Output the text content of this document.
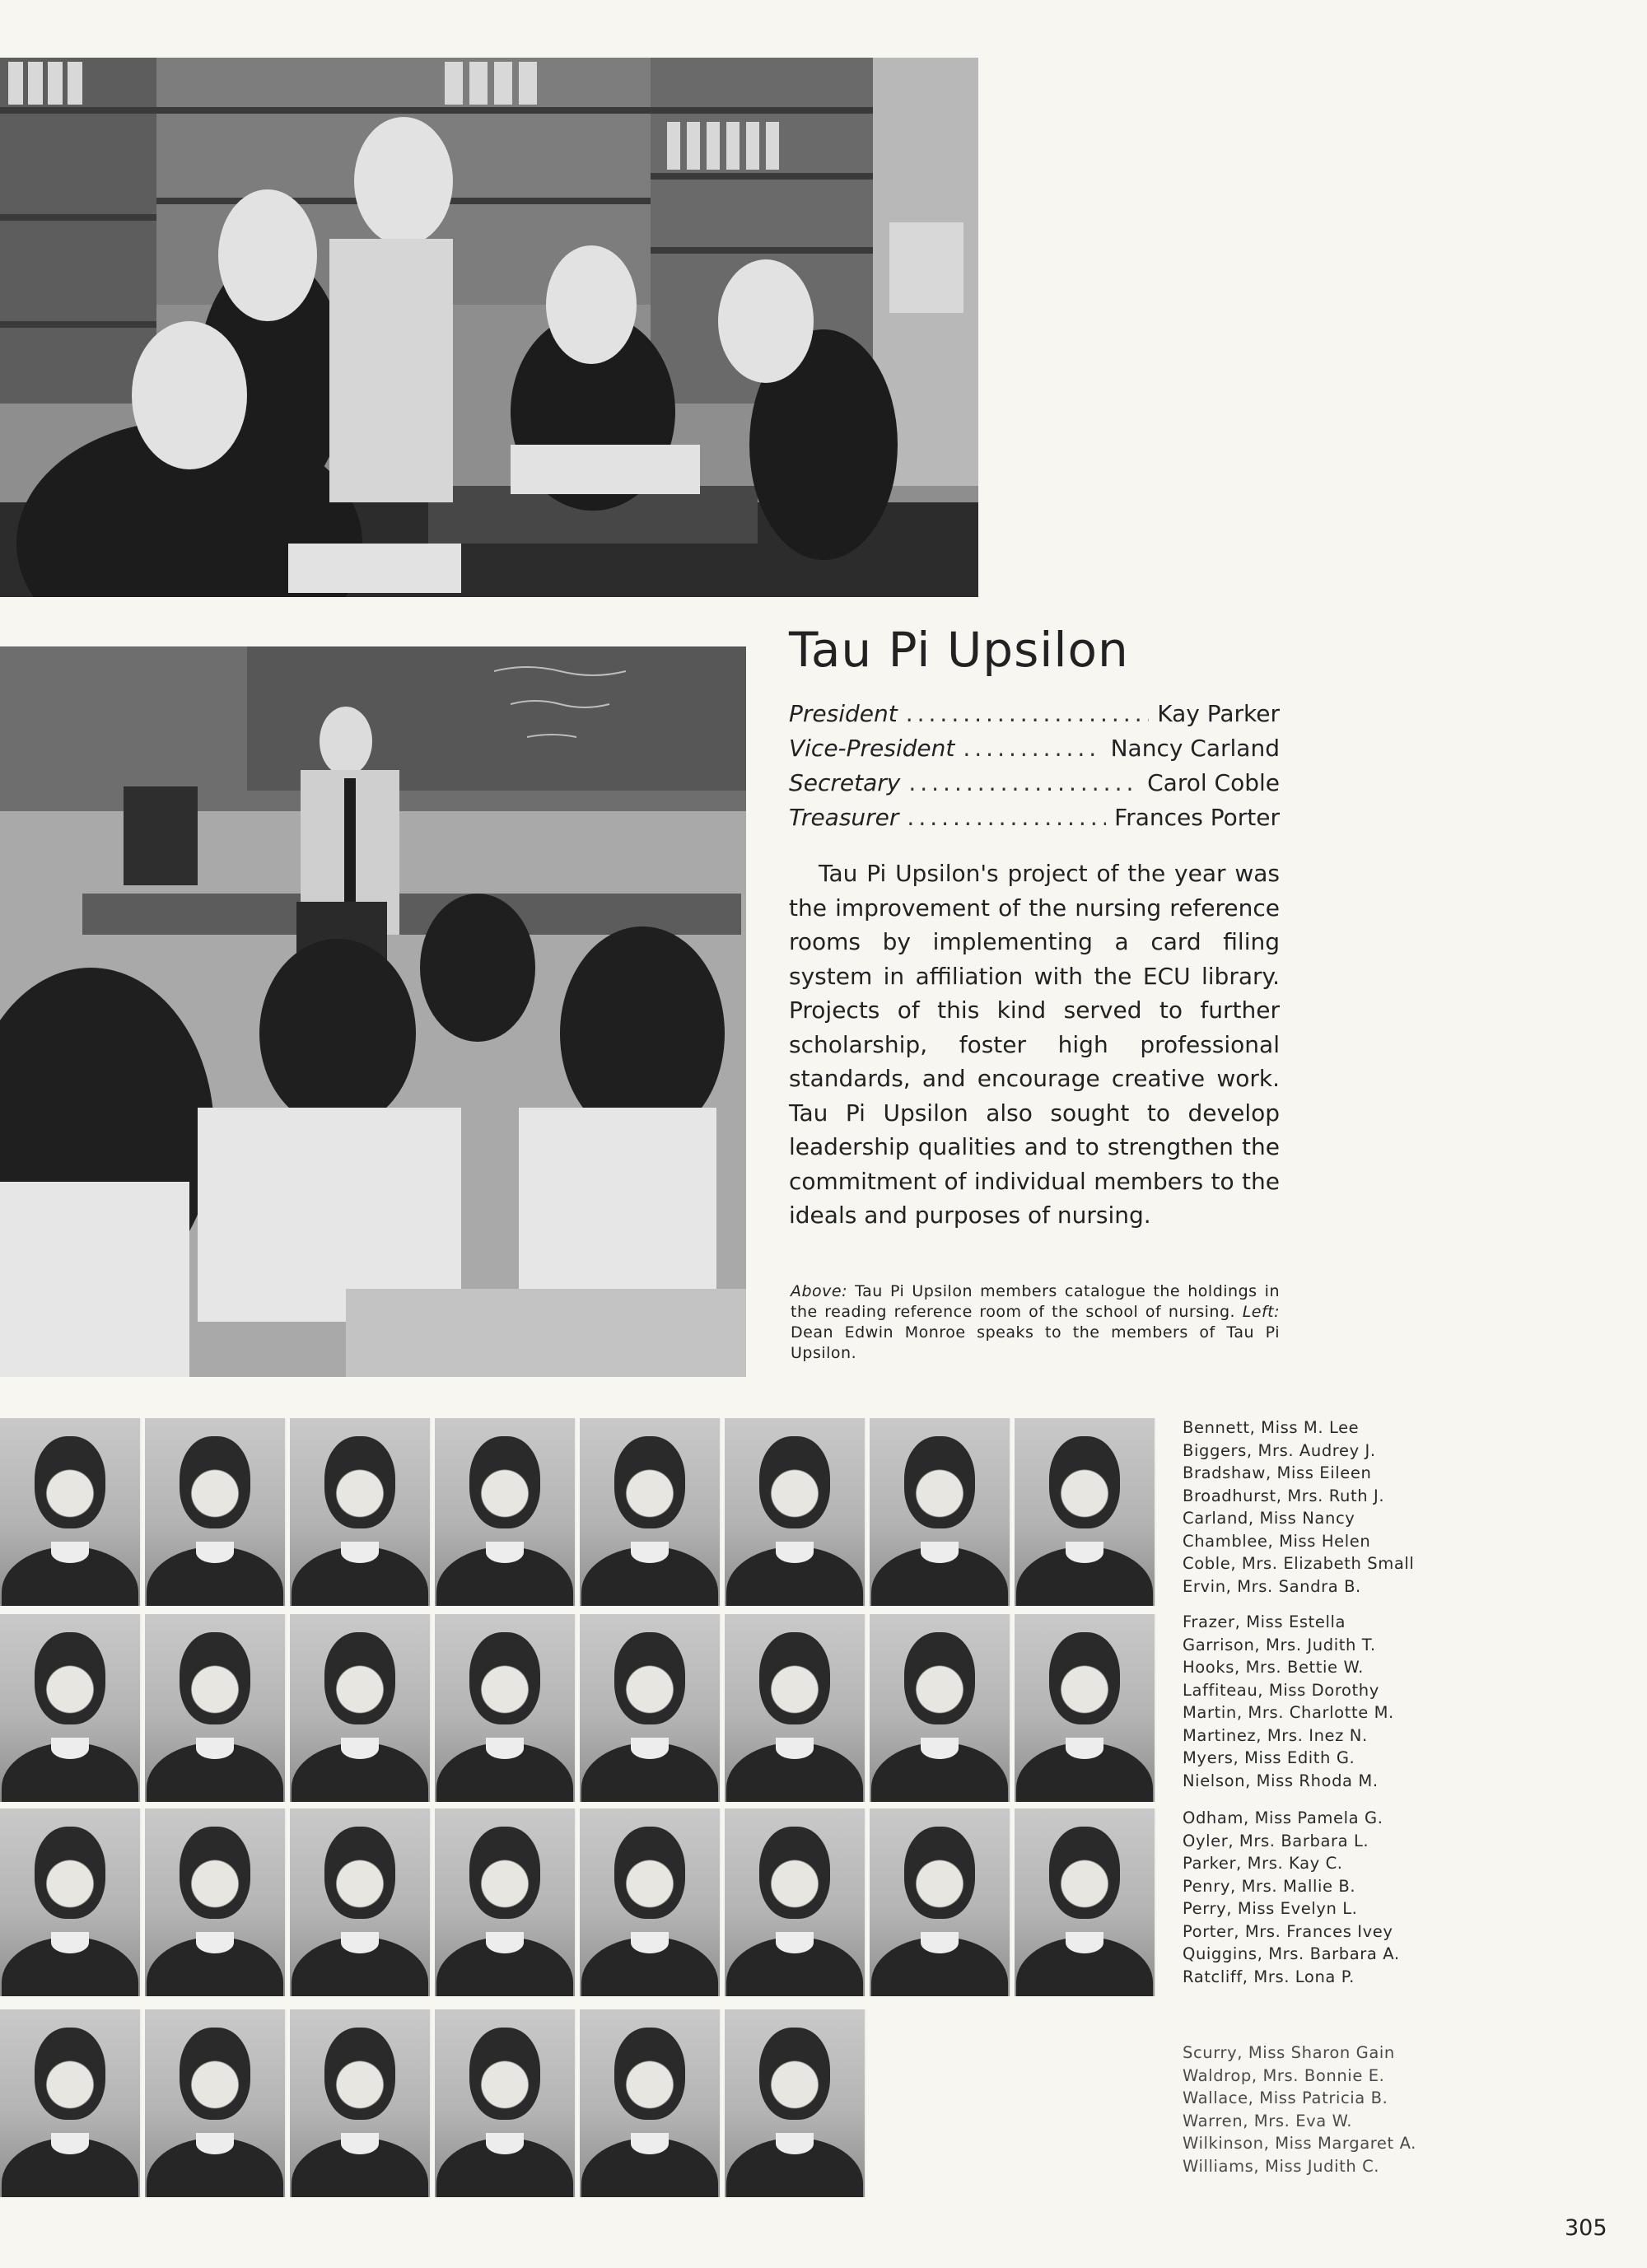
Tau Pi Upsilon
President .....	Kay Parker
Vice-President .....	Nancy Carland
Secretary .....	Carol Coble
Treasurer .....	Frances Porter

Tau Pi Upsilon's project of the year was the improvement of the nursing reference rooms by implementing a card filing system in affiliation with the ECU library. Projects of this kind served to further scholarship, foster high professional standards, and encourage creative work. Tau Pi Upsilon also sought to develop leadership qualities and to strengthen the commitment of individual members to the ideals and purposes of nursing.

Above: Tau Pi Upsilon members catalogue the holdings in the reading reference room of the school of nursing. Left: Dean Edwin Monroe speaks to the members of Tau Pi Upsilon.

Bennett, Miss M. Lee
Biggers, Mrs. Audrey J.
Bradshaw, Miss Eileen
Broadhurst, Mrs. Ruth J.
Carland, Miss Nancy
Chamblee, Miss Helen
Coble, Mrs. Elizabeth Small
Ervin, Mrs. Sandra B.
Frazer, Miss Estella
Garrison, Mrs. Judith T.
Hooks, Mrs. Bettie W.
Laffiteau, Miss Dorothy
Martin, Mrs. Charlotte M.
Martinez, Mrs. Inez N.
Myers, Miss Edith G.
Nielson, Miss Rhoda M.
Odham, Miss Pamela G.
Oyler, Mrs. Barbara L.
Parker, Mrs. Kay C.
Penry, Mrs. Mallie B.
Perry, Miss Evelyn L.
Porter, Mrs. Frances Ivey
Quiggins, Mrs. Barbara A.
Ratcliff, Mrs. Lona P.
Scurry, Miss Sharon Gain
Waldrop, Mrs. Bonnie E.
Wallace, Miss Patricia B.
Warren, Mrs. Eva W.
Wilkinson, Miss Margaret A.
Williams, Miss Judith C.
305
